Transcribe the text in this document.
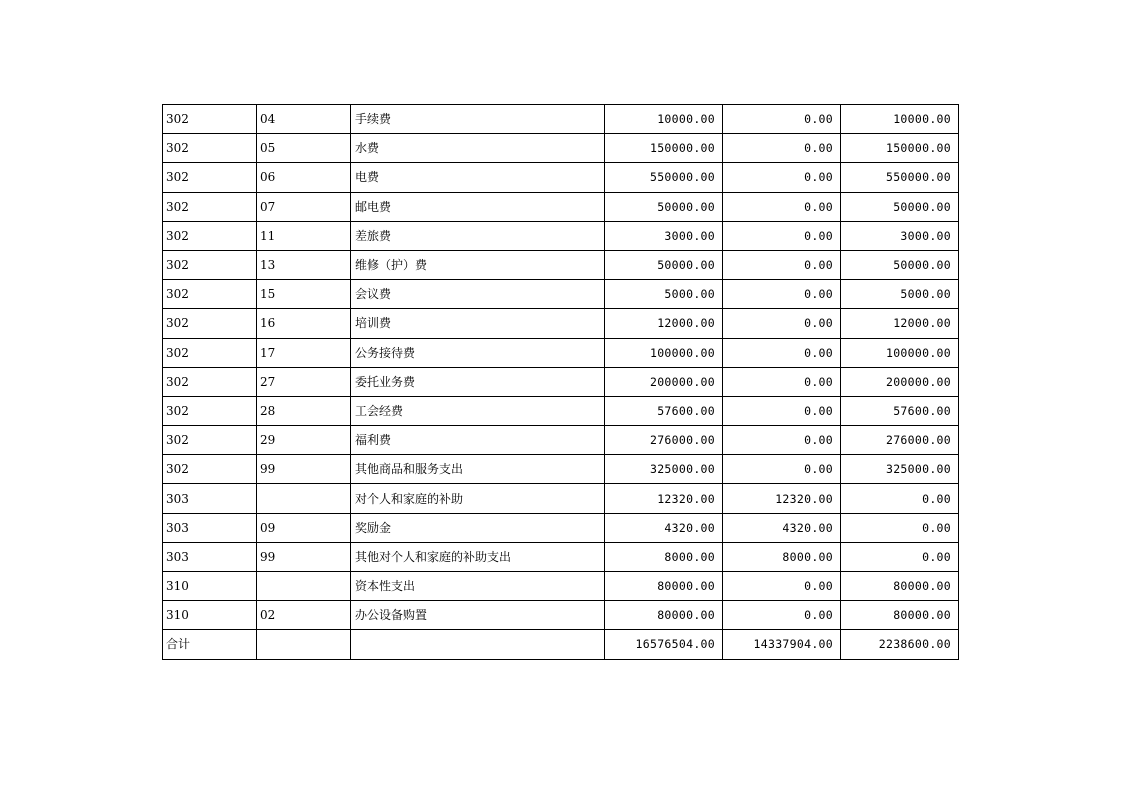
302	04	手续费	10000.00	0.00	10000.00
302	05	水费	150000.00	0.00	150000.00
302	06	电费	550000.00	0.00	550000.00
302	07	邮电费	50000.00	0.00	50000.00
302	11	差旅费	3000.00	0.00	3000.00
302	13	维修（护）费	50000.00	0.00	50000.00
302	15	会议费	5000.00	0.00	5000.00
302	16	培训费	12000.00	0.00	12000.00
302	17	公务接待费	100000.00	0.00	100000.00
302	27	委托业务费	200000.00	0.00	200000.00
302	28	工会经费	57600.00	0.00	57600.00
302	29	福利费	276000.00	0.00	276000.00
302	99	其他商品和服务支出	325000.00	0.00	325000.00
303		对个人和家庭的补助	12320.00	12320.00	0.00
303	09	奖励金	4320.00	4320.00	0.00
303	99	其他对个人和家庭的补助支出	8000.00	8000.00	0.00
310		资本性支出	80000.00	0.00	80000.00
310	02	办公设备购置	80000.00	0.00	80000.00
合计			16576504.00	14337904.00	2238600.00
